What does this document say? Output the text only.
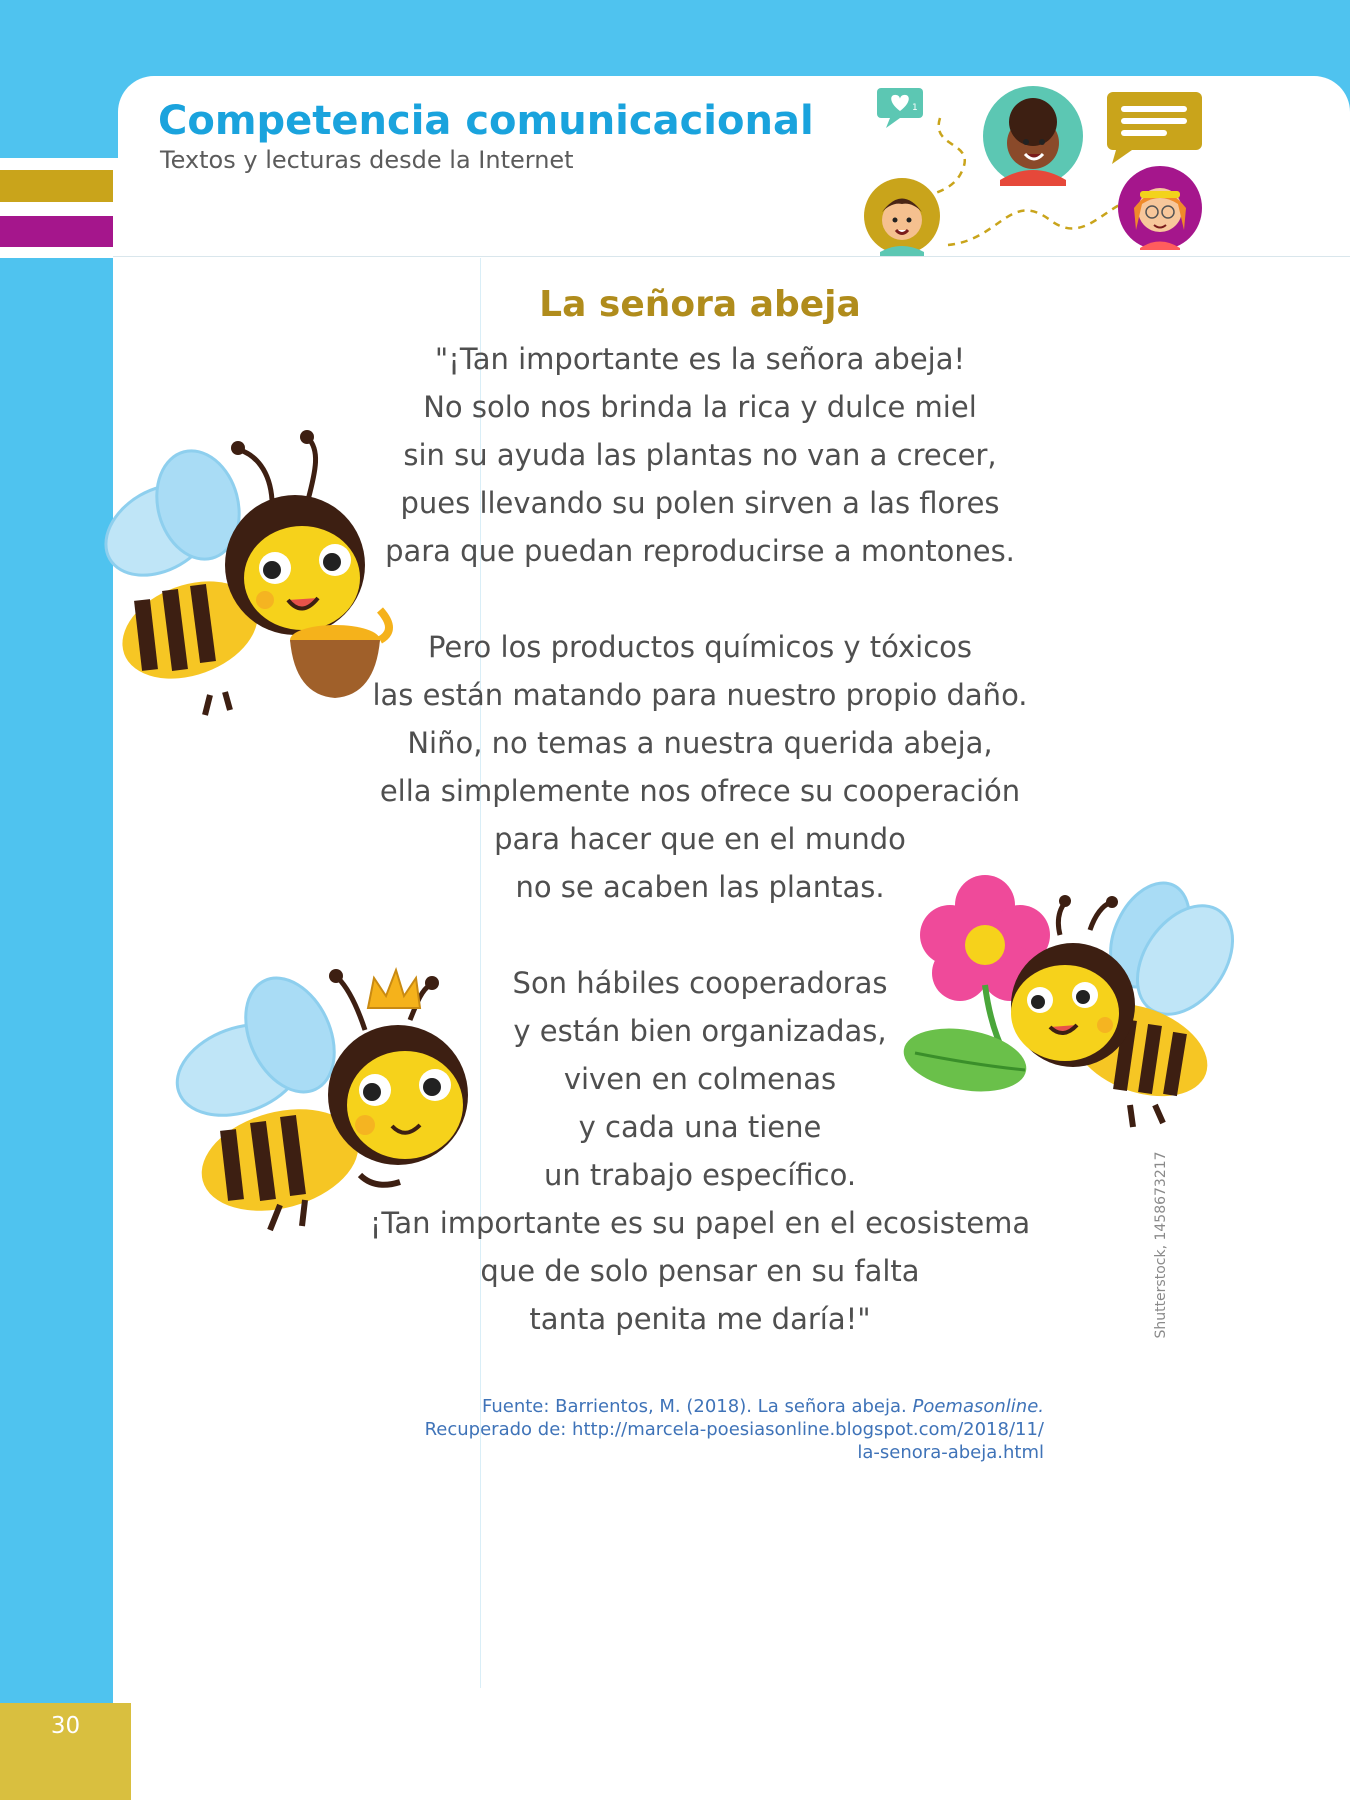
Competencia comunicacional
Textos y lecturas desde la Internet
1
La señora abeja
"¡Tan importante es la señora abeja!
No solo nos brinda la rica y dulce miel
sin su ayuda las plantas no van a crecer,
pues llevando su polen sirven a las flores
para que puedan reproducirse a montones.
Pero los productos químicos y tóxicos
las están matando para nuestro propio daño.
Niño, no temas a nuestra querida abeja,
ella simplemente nos ofrece su cooperación
para hacer que en el mundo
no se acaben las plantas.
Son hábiles cooperadoras
y están bien organizadas,
viven en colmenas
y cada una tiene
un trabajo específico.
¡Tan importante es su papel en el ecosistema
que de solo pensar en su falta
tanta penita me daría!"
Fuente: Barrientos, M. (2018). La señora abeja. Poemasonline.
Recuperado de: http://marcela-poesiasonline.blogspot.com/2018/11/
la-senora-abeja.html
Shutterstock, 1458673217
30
